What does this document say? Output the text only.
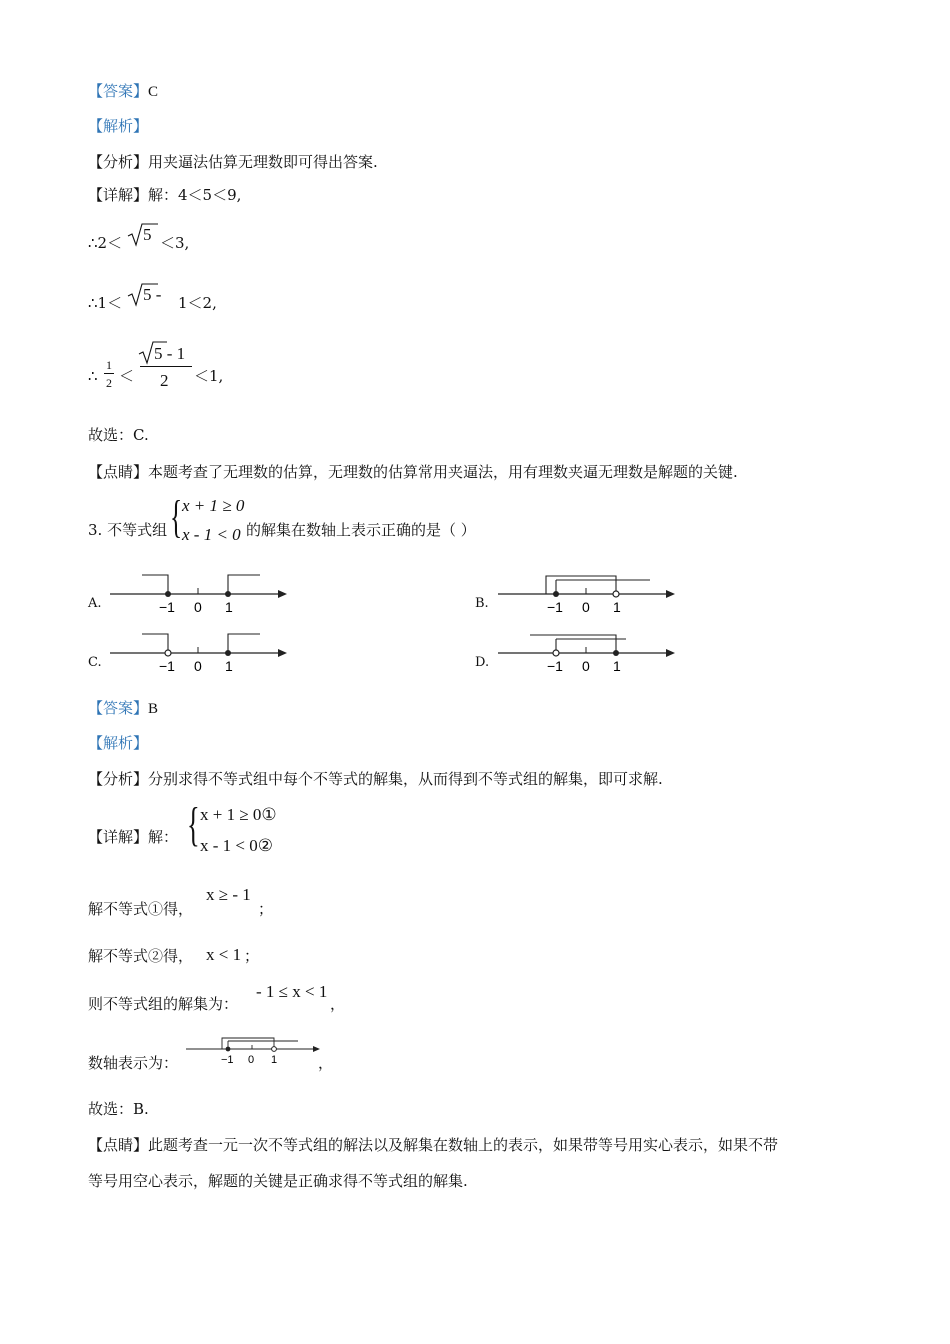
【答案】C
【解析】
【分析】用夹逼法估算无理数即可得出答案.
【详解】解：4＜5＜9,
∴2＜ 5 ＜3,
∴1＜ 5 - 1＜2,
∴
1
2 ＜
5 - 1
2 ＜1,
故选：C.
【点睛】本题考查了无理数的估算，无理数的估算常用夹逼法，用有理数夹逼无理数是解题的关键.
3. 不等式组 { x + 1 ≥ 0
x - 1 < 0 的解集在数轴上表示正确的是（ ）
A.	−1 0 1	B.	−1 0 1
C.	−1 0 1	D.	−1 0 1
【答案】B
【解析】
【分析】分别求得不等式组中每个不等式的解集，从而得到不等式组的解集，即可求解.
【详解】解： { x + 1 ≥ 0①
x - 1 < 0②
解不等式①得，
x ≥ - 1
；
解不等式②得， x < 1 ；
则不等式组的解集为：
- 1 ≤ x < 1
，
数轴表示为：	−1 0 1	，
故选：B.
【点睛】此题考查一元一次不等式组的解法以及解集在数轴上的表示，如果带等号用实心表示，如果不带
等号用空心表示，解题的关键是正确求得不等式组的解集.
